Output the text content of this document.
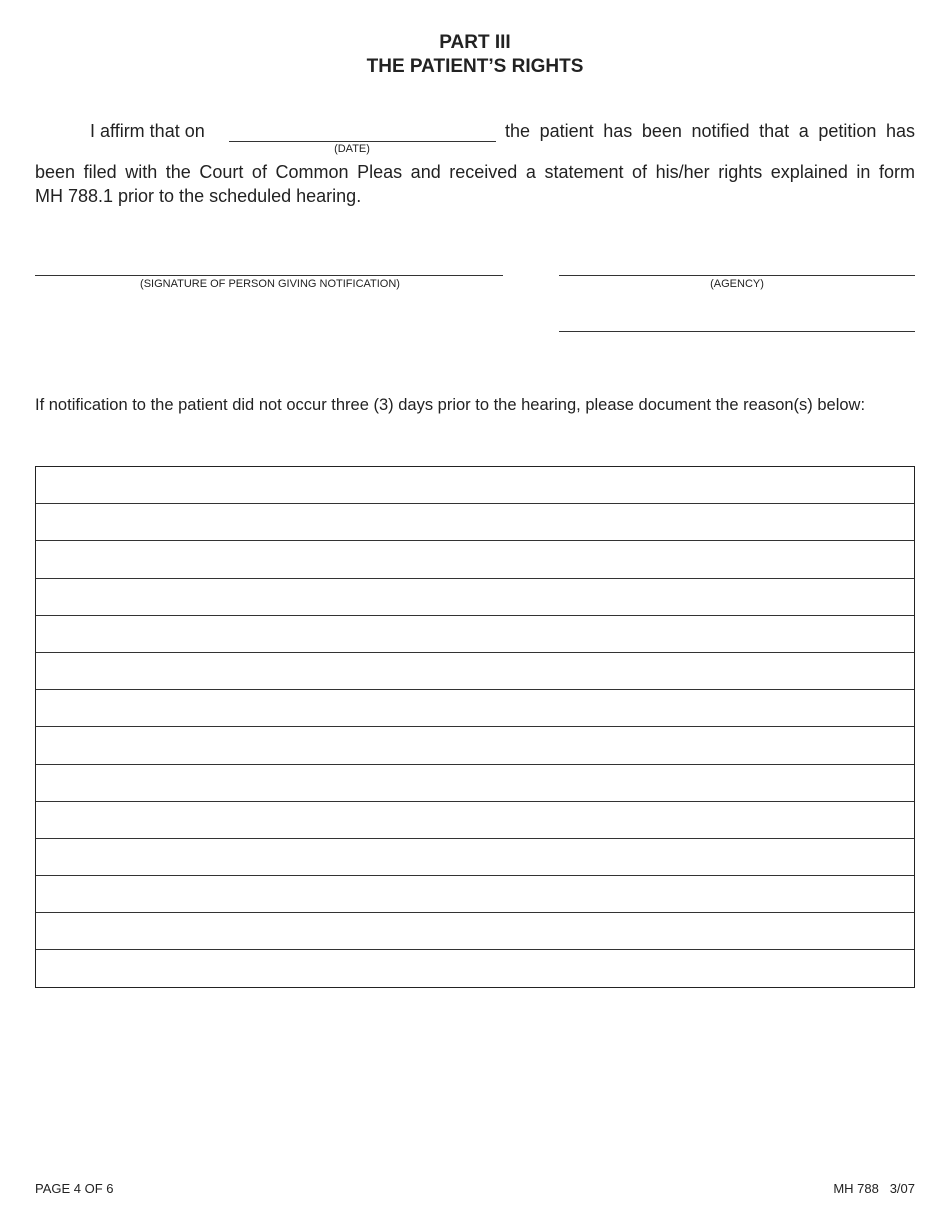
PART III
THE PATIENT’S RIGHTS
I affirm that on
(DATE)
the patient has been notified that a petition has
been filed with the Court of Common Pleas and received a statement of his/her rights explained in form
MH 788.1 prior to the scheduled hearing.
(SIGNATURE OF PERSON GIVING NOTIFICATION)	(AGENCY)
If notification to the patient did not occur three (3) days prior to the hearing, please document the reason(s) below:
PAGE 4 OF 6	MH 788   3/07
